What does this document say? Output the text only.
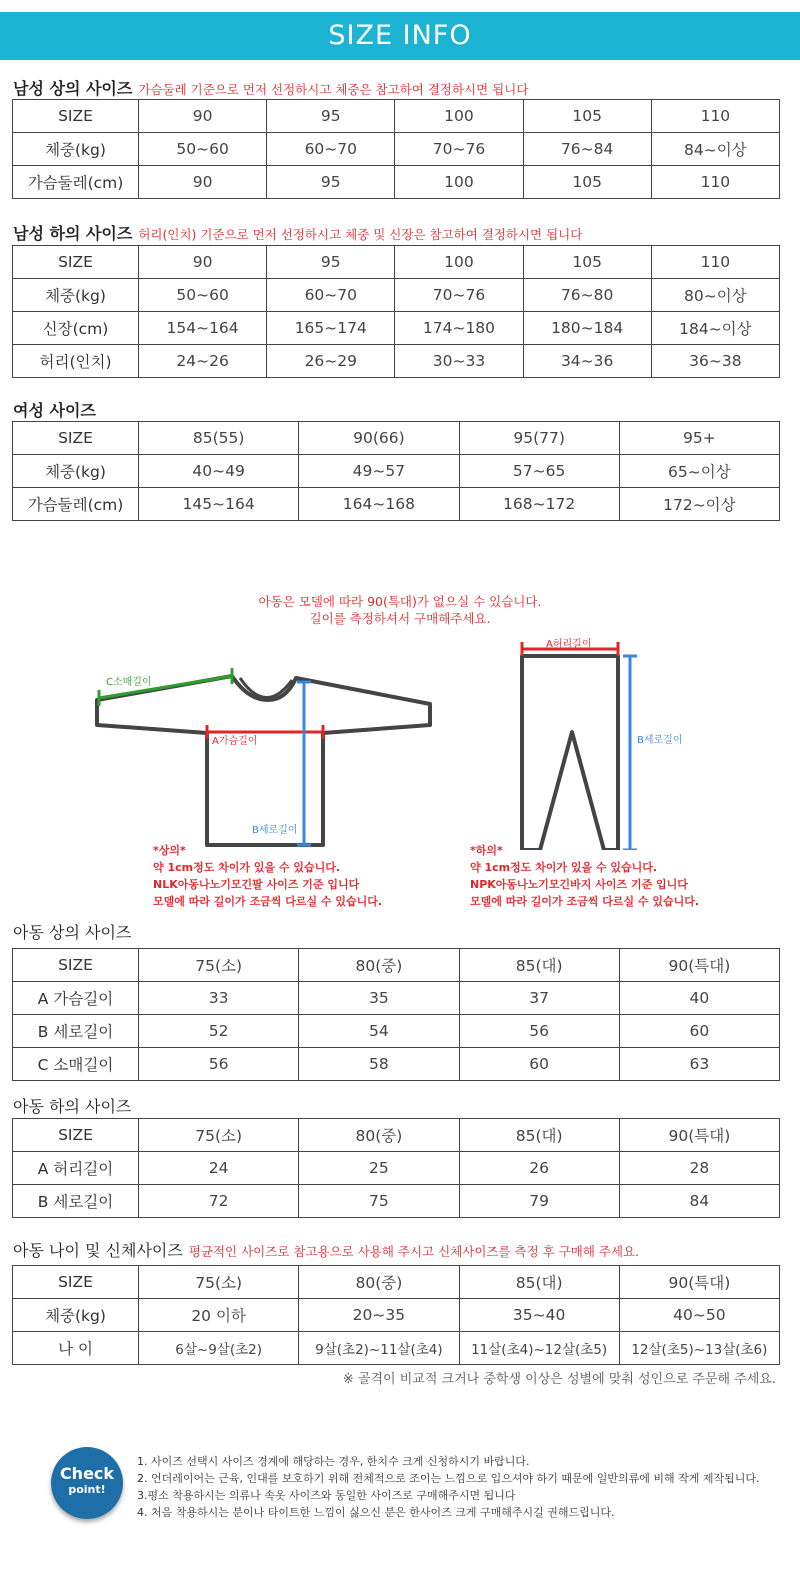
SIZE INFO
남성 상의 사이즈 가슴둘레 기준으로 먼저 선정하시고 체중은 참고하여 결정하시면 됩니다
SIZE	90	95	100	105	110
체중(kg)	50~60	60~70	70~76	76~84	84~이상
가슴둘레(cm)	90	95	100	105	110
남성 하의 사이즈 허리(인치) 기준으로 먼저 선정하시고 체중 및 신장은 참고하여 결정하시면 됩니다
SIZE	90	95	100	105	110
체중(kg)	50~60	60~70	70~76	76~80	80~이상
신장(cm)	154~164	165~174	174~180	180~184	184~이상
허리(인치)	24~26	26~29	30~33	34~36	36~38
여성 사이즈
SIZE	85(55)	90(66)	95(77)	95+
체중(kg)	40~49	49~57	57~65	65~이상
가슴둘레(cm)	145~164	164~168	168~172	172~이상
아동은 모델에 따라 90(특대)가 없으실 수 있습니다.
길이를 측정하셔서 구매해주세요.
C소매길이
A가슴길이
B세로길이
A허리길이
B세로길이
*상의*
약 1cm정도 차이가 있을 수 있습니다.
NLK아동나노기모긴팔 사이즈 기준 입니다
모델에 따라 길이가 조금씩 다르실 수 있습니다.
*하의*
약 1cm정도 차이가 있을 수 있습니다.
NPK아동나노기모긴바지 사이즈 기준 입니다
모델에 따라 길이가 조금씩 다르실 수 있습니다.
아동 상의 사이즈
SIZE	75(소)	80(중)	85(대)	90(특대)
A 가슴길이	33	35	37	40
B 세로길이	52	54	56	60
C 소매길이	56	58	60	63
아동 하의 사이즈
SIZE	75(소)	80(중)	85(대)	90(특대)
A 허리길이	24	25	26	28
B 세로길이	72	75	79	84
아동 나이 및 신체사이즈 평균적인 사이즈로 참고용으로 사용해 주시고 신체사이즈를 측정 후 구매해 주세요.
SIZE	75(소)	80(중)	85(대)	90(특대)
체중(kg)	20 이하	20~35	35~40	40~50
나 이	6살~9살(초2)	9살(초2)~11살(초4)	11살(초4)~12살(초5)	12살(초5)~13살(초6)
※ 골격이 비교적 크거나 중학생 이상은 성별에 맞춰 성인으로 주문해 주세요.
Check
point!
1. 사이즈 선택시 사이즈 경계에 해당하는 경우, 한치수 크게 신청하시기 바랍니다.
2. 언더레이어는 근육, 인대를 보호하기 위해 전체적으로 조이는 느낌으로 입으셔야 하기 때문에 일반의류에 비해 작게 제작됩니다.
3.평소 착용하시는 의류나 속옷 사이즈와 동일한 사이즈로 구매해주시면 됩니다
4. 처음 착용하시는 분이나 타이트한 느낌이 싫으신 분은 한사이즈 크게 구매해주시길 권해드립니다.
